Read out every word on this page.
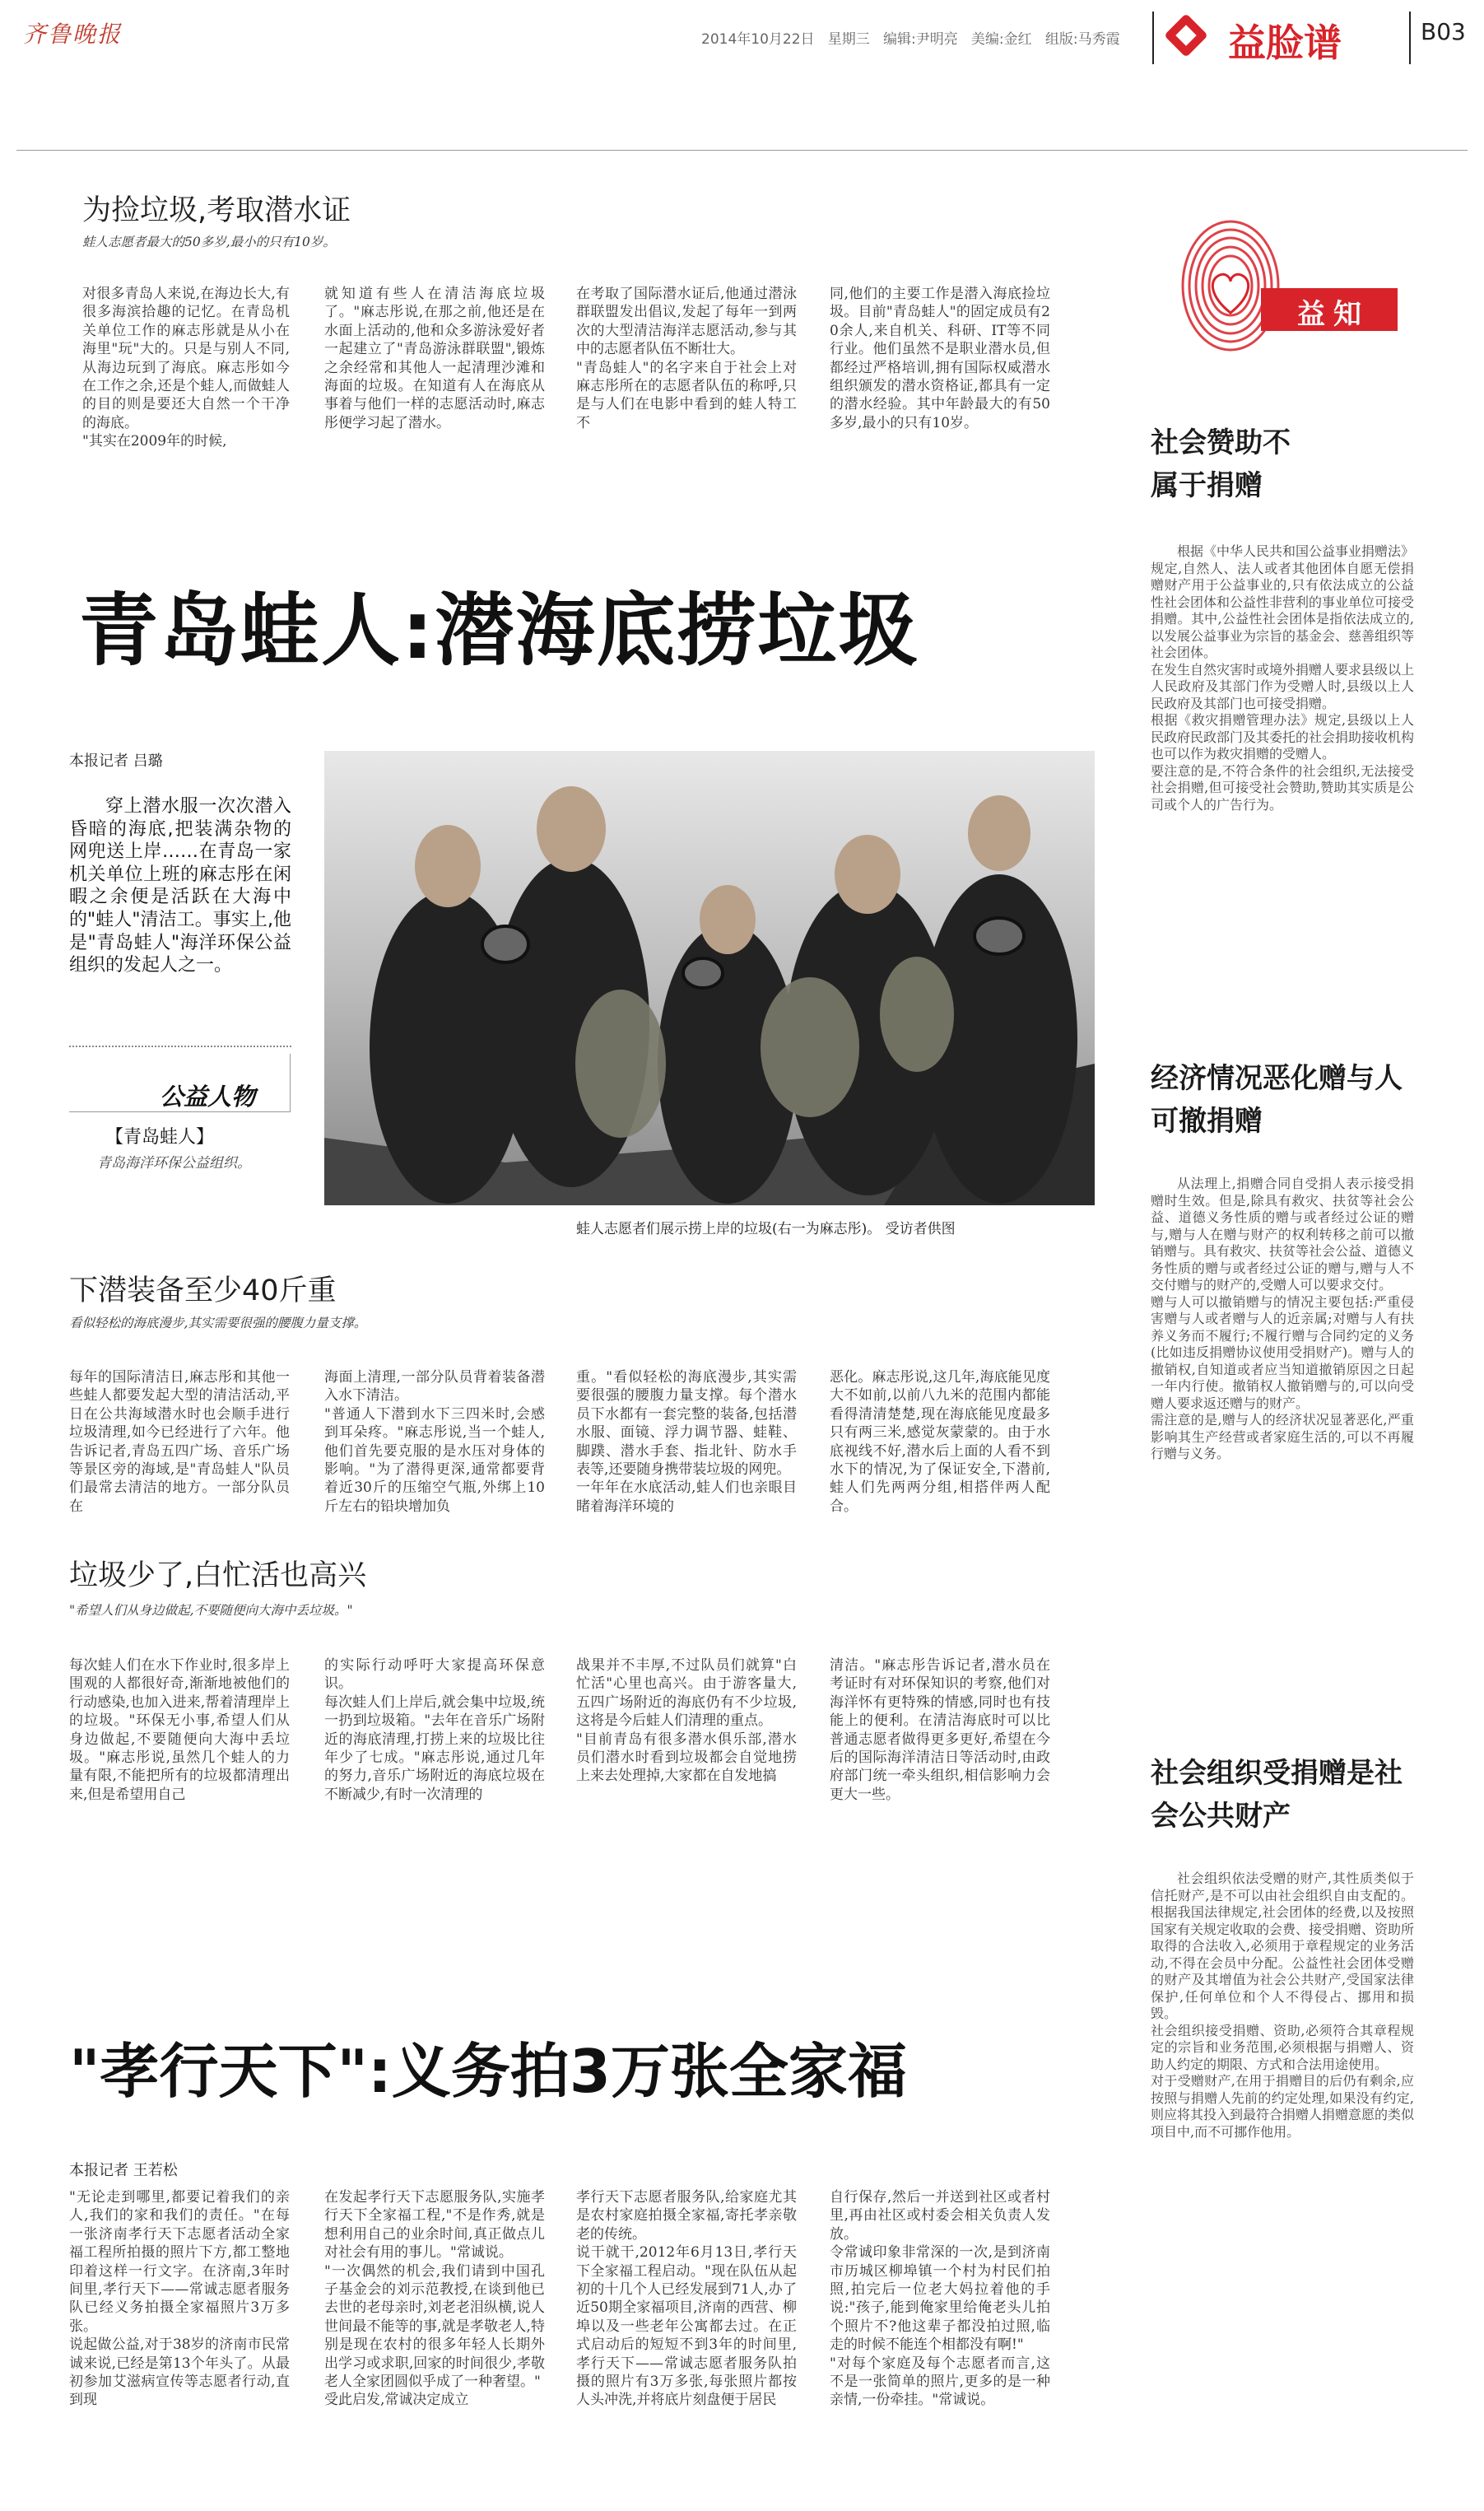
齐鲁晚报	2014年10月22日 星期三 编辑:尹明亮 美编:金红 组版:马秀霞	益脸谱	B03
为捡垃圾,考取潜水证
蛙人志愿者最大的50多岁,最小的只有10岁。
对很多青岛人来说,在海边长大,有很多海滨拾趣的记忆。在青岛机关单位工作的麻志彤就是从小在海里"玩"大的。只是与别人不同,从海边玩到了海底。麻志彤如今在工作之余,还是个蛙人,而做蛙人的目的则是要还大自然一个干净的海底。
"其实在2009年的时候,
就知道有些人在清洁海底垃圾了。"麻志彤说,在那之前,他还是在水面上活动的,他和众多游泳爱好者一起建立了"青岛游泳群联盟",锻炼之余经常和其他人一起清理沙滩和海面的垃圾。在知道有人在海底从事着与他们一样的志愿活动时,麻志彤便学习起了潜水。
在考取了国际潜水证后,他通过潜泳群联盟发出倡议,发起了每年一到两次的大型清洁海洋志愿活动,参与其中的志愿者队伍不断壮大。
"青岛蛙人"的名字来自于社会上对麻志彤所在的志愿者队伍的称呼,只是与人们在电影中看到的蛙人特工不
同,他们的主要工作是潜入海底捡垃圾。目前"青岛蛙人"的固定成员有20余人,来自机关、科研、IT等不同行业。他们虽然不是职业潜水员,但都经过严格培训,拥有国际权威潜水组织颁发的潜水资格证,都具有一定的潜水经验。其中年龄最大的有50多岁,最小的只有10岁。
青岛蛙人:潜海底捞垃圾
本报记者 吕璐
穿上潜水服一次次潜入昏暗的海底,把装满杂物的网兜送上岸……在青岛一家机关单位上班的麻志彤在闲暇之余便是活跃在大海中的"蛙人"清洁工。事实上,他是"青岛蛙人"海洋环保公益组织的发起人之一。
公益人物
【青岛蛙人】
青岛海洋环保公益组织。
蛙人志愿者们展示捞上岸的垃圾(右一为麻志彤)。 受访者供图
下潜装备至少40斤重
看似轻松的海底漫步,其实需要很强的腰腹力量支撑。
每年的国际清洁日,麻志彤和其他一些蛙人都要发起大型的清洁活动,平日在公共海域潜水时也会顺手进行垃圾清理,如今已经进行了六年。他告诉记者,青岛五四广场、音乐广场等景区旁的海域,是"青岛蛙人"队员们最常去清洁的地方。一部分队员在
海面上清理,一部分队员背着装备潜入水下清洁。
"普通人下潜到水下三四米时,会感到耳朵疼。"麻志彤说,当一个蛙人,他们首先要克服的是水压对身体的影响。"为了潜得更深,通常都要背着近30斤的压缩空气瓶,外绑上10斤左右的铅块增加负
重。"看似轻松的海底漫步,其实需要很强的腰腹力量支撑。每个潜水员下水都有一套完整的装备,包括潜水服、面镜、浮力调节器、蛙鞋、脚蹼、潜水手套、指北针、防水手表等,还要随身携带装垃圾的网兜。
一年年在水底活动,蛙人们也亲眼目睹着海洋环境的
恶化。麻志彤说,这几年,海底能见度大不如前,以前八九米的范围内都能看得清清楚楚,现在海底能见度最多只有两三米,感觉灰蒙蒙的。由于水底视线不好,潜水后上面的人看不到水下的情况,为了保证安全,下潜前,蛙人们先两两分组,相搭伴两人配合。
垃圾少了,白忙活也高兴
"希望人们从身边做起,不要随便向大海中丢垃圾。"
每次蛙人们在水下作业时,很多岸上围观的人都很好奇,渐渐地被他们的行动感染,也加入进来,帮着清理岸上的垃圾。"环保无小事,希望人们从身边做起,不要随便向大海中丢垃圾。"麻志彤说,虽然几个蛙人的力量有限,不能把所有的垃圾都清理出来,但是希望用自己
的实际行动呼吁大家提高环保意识。
每次蛙人们上岸后,就会集中垃圾,统一扔到垃圾箱。"去年在音乐广场附近的海底清理,打捞上来的垃圾比往年少了七成。"麻志彤说,通过几年的努力,音乐广场附近的海底垃圾在不断减少,有时一次清理的
战果并不丰厚,不过队员们就算"白忙活"心里也高兴。由于游客量大,五四广场附近的海底仍有不少垃圾,这将是今后蛙人们清理的重点。
"目前青岛有很多潜水俱乐部,潜水员们潜水时看到垃圾都会自觉地捞上来去处理掉,大家都在自发地搞
清洁。"麻志彤告诉记者,潜水员在考证时有对环保知识的考察,他们对海洋怀有更特殊的情感,同时也有技能上的便利。在清洁海底时可以比普通志愿者做得更多更好,希望在今后的国际海洋清洁日等活动时,由政府部门统一牵头组织,相信影响力会更大一些。
"孝行天下":义务拍3万张全家福
本报记者 王若松
"无论走到哪里,都要记着我们的亲人,我们的家和我们的责任。"在每一张济南孝行天下志愿者活动全家福工程所拍摄的照片下方,都工整地印着这样一行文字。在济南,3年时间里,孝行天下——常诚志愿者服务队已经义务拍摄全家福照片3万多张。
说起做公益,对于38岁的济南市民常诚来说,已经是第13个年头了。从最初参加艾滋病宣传等志愿者行动,直到现
在发起孝行天下志愿服务队,实施孝行天下全家福工程,"不是作秀,就是想利用自己的业余时间,真正做点儿对社会有用的事儿。"常诚说。
"一次偶然的机会,我们请到中国孔子基金会的刘示范教授,在谈到他已去世的老母亲时,刘老老泪纵横,说人世间最不能等的事,就是孝敬老人,特别是现在农村的很多年轻人长期外出学习或求职,回家的时间很少,孝敬老人全家团圆似乎成了一种奢望。"
受此启发,常诚决定成立
孝行天下志愿者服务队,给家庭尤其是农村家庭拍摄全家福,寄托孝亲敬老的传统。
说干就干,2012年6月13日,孝行天下全家福工程启动。"现在队伍从起初的十几个人已经发展到71人,办了近50期全家福项目,济南的西营、柳埠以及一些老年公寓都去过。在正式启动后的短短不到3年的时间里,孝行天下——常诚志愿者服务队拍摄的照片有3万多张,每张照片都按人头冲洗,并将底片刻盘便于居民
自行保存,然后一并送到社区或者村里,再由社区或村委会相关负责人发放。
令常诚印象非常深的一次,是到济南市历城区柳埠镇一个村为村民们拍照,拍完后一位老大妈拉着他的手说:"孩子,能到俺家里给俺老头儿拍个照片不?他这辈子都没拍过照,临走的时候不能连个相都没有啊!"
"对每个家庭及每个志愿者而言,这不是一张简单的照片,更多的是一种亲情,一份牵挂。"常诚说。
益知
社会赞助不属于捐赠
根据《中华人民共和国公益事业捐赠法》规定,自然人、法人或者其他团体自愿无偿捐赠财产用于公益事业的,只有依法成立的公益性社会团体和公益性非营利的事业单位可接受捐赠。其中,公益性社会团体是指依法成立的,以发展公益事业为宗旨的基金会、慈善组织等社会团体。
在发生自然灾害时或境外捐赠人要求县级以上人民政府及其部门作为受赠人时,县级以上人民政府及其部门也可接受捐赠。
根据《救灾捐赠管理办法》规定,县级以上人民政府民政部门及其委托的社会捐助接收机构也可以作为救灾捐赠的受赠人。
要注意的是,不符合条件的社会组织,无法接受社会捐赠,但可接受社会赞助,赞助其实质是公司或个人的广告行为。
经济情况恶化赠与人可撤捐赠
从法理上,捐赠合同自受捐人表示接受捐赠时生效。但是,除具有救灾、扶贫等社会公益、道德义务性质的赠与或者经过公证的赠与,赠与人在赠与财产的权利转移之前可以撤销赠与。具有救灾、扶贫等社会公益、道德义务性质的赠与或者经过公证的赠与,赠与人不交付赠与的财产的,受赠人可以要求交付。
赠与人可以撤销赠与的情况主要包括:严重侵害赠与人或者赠与人的近亲属;对赠与人有扶养义务而不履行;不履行赠与合同约定的义务(比如违反捐赠协议使用受捐财产)。赠与人的撤销权,自知道或者应当知道撤销原因之日起一年内行使。撤销权人撤销赠与的,可以向受赠人要求返还赠与的财产。
需注意的是,赠与人的经济状况显著恶化,严重影响其生产经营或者家庭生活的,可以不再履行赠与义务。
社会组织受捐赠是社会公共财产
社会组织依法受赠的财产,其性质类似于信托财产,是不可以由社会组织自由支配的。根据我国法律规定,社会团体的经费,以及按照国家有关规定收取的会费、接受捐赠、资助所取得的合法收入,必须用于章程规定的业务活动,不得在会员中分配。公益性社会团体受赠的财产及其增值为社会公共财产,受国家法律保护,任何单位和个人不得侵占、挪用和损毁。
社会组织接受捐赠、资助,必须符合其章程规定的宗旨和业务范围,必须根据与捐赠人、资助人约定的期限、方式和合法用途使用。
对于受赠财产,在用于捐赠目的后仍有剩余,应按照与捐赠人先前的约定处理,如果没有约定,则应将其投入到最符合捐赠人捐赠意愿的类似项目中,而不可挪作他用。
